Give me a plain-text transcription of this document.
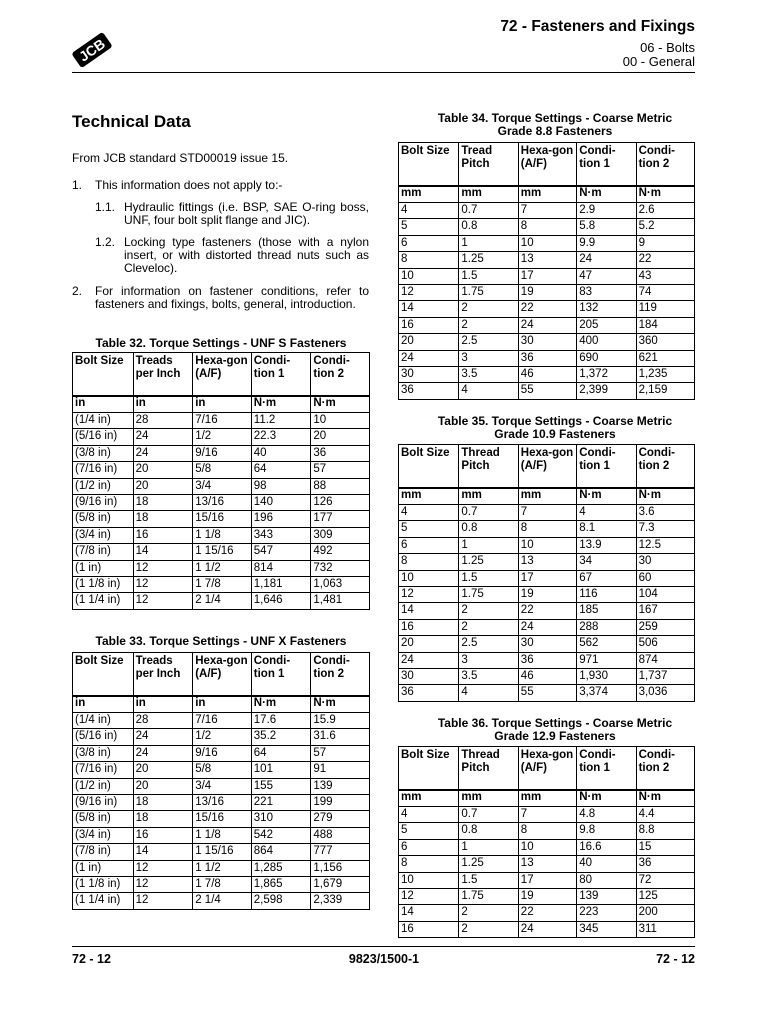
JCB
72 - Fasteners and Fixings
06 - Bolts
00 - General
Technical Data
From JCB standard STD00019 issue 15.
1. This information does not apply to:-
1.1. Hydraulic fittings (i.e. BSP, SAE O-ring boss, UNF, four bolt split flange and JIC).
1.2. Locking type fasteners (those with a nylon insert, or with distorted thread nuts such as Cleveloc).
2. For information on fastener conditions, refer to fasteners and fixings, bolts, general, introduction.
Table 32. Torque Settings - UNF S Fasteners
Table 33. Torque Settings - UNF X Fasteners
Table 34. Torque Settings - Coarse Metric Grade 8.8 Fasteners
Table 35. Torque Settings - Coarse Metric Grade 10.9 Fasteners
Table 36. Torque Settings - Coarse Metric Grade 12.9 Fasteners
Bolt Size	Treads per Inch	Hexa-​gon (A/F)	Condi-​tion 1	Condi-​tion 2
in	in	in	N·m	N·m
(1/4 in)	28	7/16	11.2	10
(5/16 in)	24	1/2	22.3	20
(3/8 in)	24	9/16	40	36
(7/16 in)	20	5/8	64	57
(1/2 in)	20	3/4	98	88
(9/16 in)	18	13/16	140	126
(5/8 in)	18	15/16	196	177
(3/4 in)	16	1 1/8	343	309
(7/8 in)	14	1 15/16	547	492
(1 in)	12	1 1/2	814	732
(1 1/8 in)	12	1 7/8	1,181	1,063
(1 1/4 in)	12	2 1/4	1,646	1,481
Bolt Size	Treads per Inch	Hexa-​gon (A/F)	Condi-​tion 1	Condi-​tion 2
in	in	in	N·m	N·m
(1/4 in)	28	7/16	17.6	15.9
(5/16 in)	24	1/2	35.2	31.6
(3/8 in)	24	9/16	64	57
(7/16 in)	20	5/8	101	91
(1/2 in)	20	3/4	155	139
(9/16 in)	18	13/16	221	199
(5/8 in)	18	15/16	310	279
(3/4 in)	16	1 1/8	542	488
(7/8 in)	14	1 15/16	864	777
(1 in)	12	1 1/2	1,285	1,156
(1 1/8 in)	12	1 7/8	1,865	1,679
(1 1/4 in)	12	2 1/4	2,598	2,339
Bolt Size	Tread Pitch	Hexa-​gon (A/F)	Condi-​tion 1	Condi-​tion 2
mm	mm	mm	N·m	N·m
4	0.7	7	2.9	2.6
5	0.8	8	5.8	5.2
6	1	10	9.9	9
8	1.25	13	24	22
10	1.5	17	47	43
12	1.75	19	83	74
14	2	22	132	119
16	2	24	205	184
20	2.5	30	400	360
24	3	36	690	621
30	3.5	46	1,372	1,235
36	4	55	2,399	2,159
Bolt Size	Thread Pitch	Hexa-​gon (A/F)	Condi-​tion 1	Condi-​tion 2
mm	mm	mm	N·m	N·m
4	0.7	7	4	3.6
5	0.8	8	8.1	7.3
6	1	10	13.9	12.5
8	1.25	13	34	30
10	1.5	17	67	60
12	1.75	19	116	104
14	2	22	185	167
16	2	24	288	259
20	2.5	30	562	506
24	3	36	971	874
30	3.5	46	1,930	1,737
36	4	55	3,374	3,036
Bolt Size	Thread Pitch	Hexa-​gon (A/F)	Condi-​tion 1	Condi-​tion 2
mm	mm	mm	N·m	N·m
4	0.7	7	4.8	4.4
5	0.8	8	9.8	8.8
6	1	10	16.6	15
8	1.25	13	40	36
10	1.5	17	80	72
12	1.75	19	139	125
14	2	22	223	200
16	2	24	345	311
72 - 12	9823/1500-1	72 - 12
